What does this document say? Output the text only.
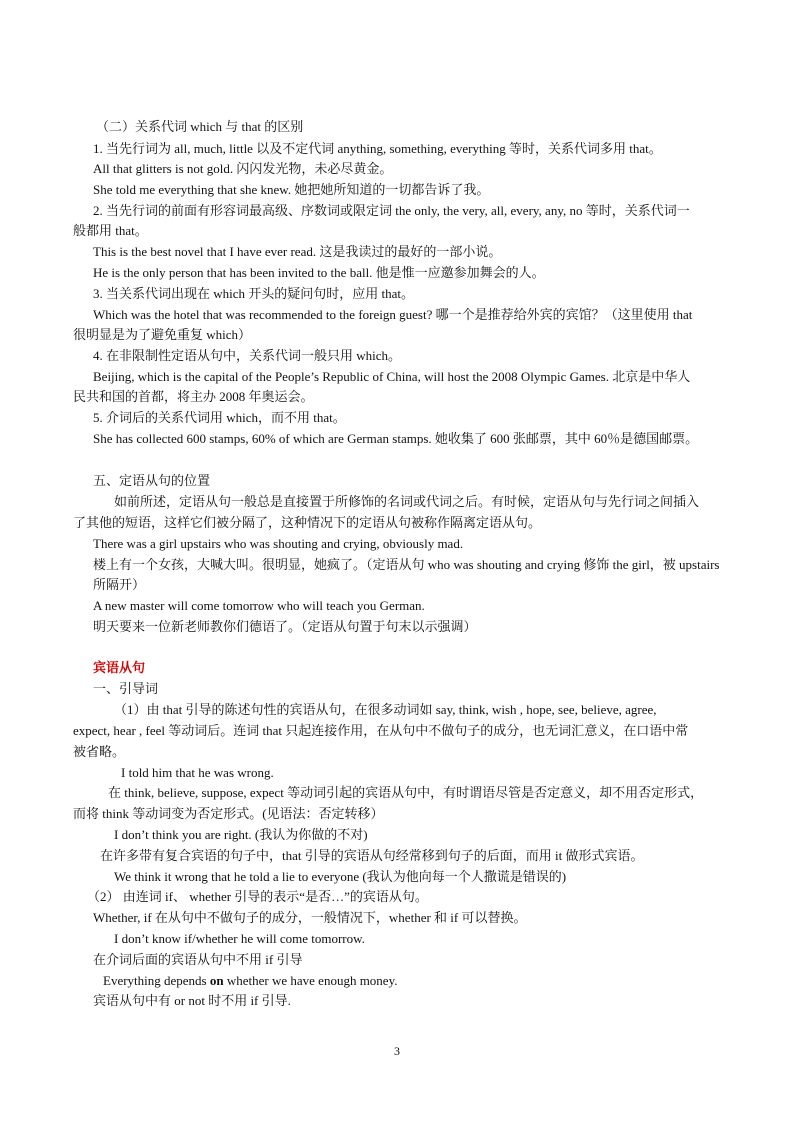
（二）关系代词 which 与 that 的区别
1. 当先行词为 all, much, little 以及不定代词 anything, something, everything 等时，关系代词多用 that。
All that glitters is not gold. 闪闪发光物，未必尽黄金。
She told me everything that she knew. 她把她所知道的一切都告诉了我。
2. 当先行词的前面有形容词最高级、序数词或限定词 the only, the very, all, every, any, no 等时，关系代词一
般都用 that。
This is the best novel that I have ever read. 这是我读过的最好的一部小说。
He is the only person that has been invited to the ball. 他是惟一应邀参加舞会的人。
3. 当关系代词出现在 which 开头的疑问句时，应用 that。
Which was the hotel that was recommended to the foreign guest? 哪一个是推荐给外宾的宾馆？（这里使用 that
很明显是为了避免重复 which）
4. 在非限制性定语从句中，关系代词一般只用 which。
Beijing, which is the capital of the People’s Republic of China, will host the 2008 Olympic Games. 北京是中华人
民共和国的首都，将主办 2008 年奥运会。
5. 介词后的关系代词用 which，而不用 that。
She has collected 600 stamps, 60% of which are German stamps. 她收集了 600 张邮票，其中 60％是德国邮票。
五、定语从句的位置
如前所述，定语从句一般总是直接置于所修饰的名词或代词之后。有时候，定语从句与先行词之间插入
了其他的短语，这样它们被分隔了，这种情况下的定语从句被称作隔离定语从句。
There was a girl upstairs who was shouting and crying, obviously mad.
楼上有一个女孩，大喊大叫。很明显，她疯了。（定语从句 who was shouting and crying 修饰 the girl，被 upstairs
所隔开）
A new master will come tomorrow who will teach you German.
明天要来一位新老师教你们德语了。（定语从句置于句末以示强调）
宾语从句
一、引导词
（1）由 that 引导的陈述句性的宾语从句，在很多动词如 say, think, wish , hope, see, believe, agree,
expect, hear , feel 等动词后。连词 that 只起连接作用，在从句中不做句子的成分，也无词汇意义，在口语中常
被省略。
I told him that he was wrong.
在 think, believe, suppose, expect 等动词引起的宾语从句中，有时谓语尽管是否定意义，却不用否定形式，
而将 think 等动词变为否定形式。(见语法：否定转移）
I don’t think you are right. (我认为你做的不对)
在许多带有复合宾语的句子中，that 引导的宾语从句经常移到句子的后面，而用 it 做形式宾语。
We think it wrong that he told a lie to everyone (我认为他向每一个人撒谎是错误的)
（2） 由连词 if、 whether 引导的表示“是否…”的宾语从句。
Whether, if 在从句中不做句子的成分，一般情况下，whether 和 if 可以替换。
I don’t know if/whether he will come tomorrow.
在介词后面的宾语从句中不用 if 引导
Everything depends on whether we have enough money.
宾语从句中有 or not 时不用 if 引导.
3
